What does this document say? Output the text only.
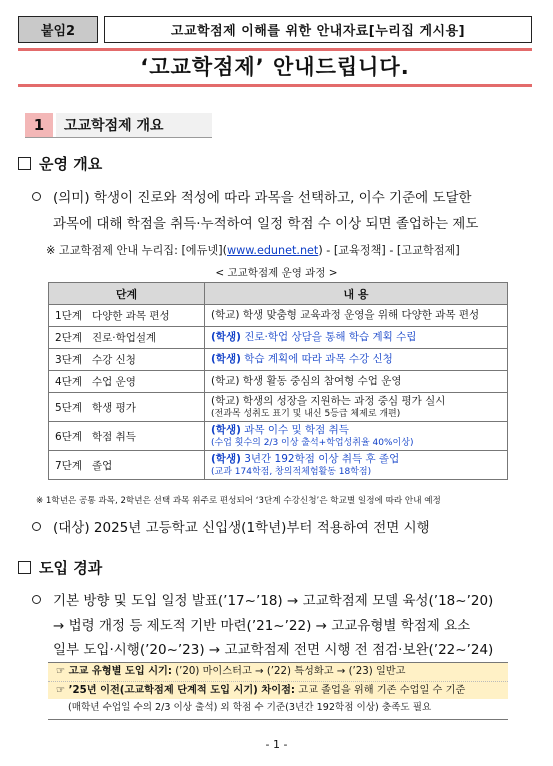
붙임2	고교학점제 이해를 위한 안내자료[누리집 게시용]
‘고교학점제’ 안내드립니다.
1	고교학점제 개요
운영 개요
(의미) 학생이 진로와 적성에 따라 과목을 선택하고, 이수 기준에 도달한
과목에 대해 학점을 취득·누적하여 일정 학점 수 이상 되면 졸업하는 제도
※ 고교학점제 안내 누리집: [에듀넷](www.edunet.net) - [교육정책] - [고교학점제]
< 고교학점제 운영 과정 >
단계	내 용
1단계 다양한 과목 편성	(학교) 학생 맞춤형 교육과정 운영을 위해 다양한 과목 편성

2단계 진로·학업설계	(학생) 진로·학업 상담을 통해 학습 계획 수립

3단계 수강 신청	(학생) 학습 계획에 따라 과목 수강 신청

4단계 수업 운영	(학교) 학생 활동 중심의 참여형 수업 운영

5단계 학생 평가	(학교) 학생의 성장을 지원하는 과정 중심 평가 실시
(전과목 성취도 표기 및 내신 5등급 체제로 개편)

6단계 학점 취득	(학생) 과목 이수 및 학점 취득
(수업 횟수의 2/3 이상 출석+학업성취율 40%이상)

7단계 졸업	(학생) 3년간 192학점 이상 취득 후 졸업
(교과 174학점, 창의적체험활동 18학점)
※ 1학년은 공통 과목, 2학년은 선택 과목 위주로 편성되어 ‘3단계 수강신청’은 학교별 일정에 따라 안내 예정
(대상) 2025년 고등학교 신입생(1학년)부터 적용하여 전면 시행
도입 경과
기본 방향 및 도입 일정 발표(’17~’18) → 고교학점제 모델 육성(’18~’20)
→ 법령 개정 등 제도적 기반 마련(’21~’22) → 고교유형별 학점제 요소
일부 도입·시행(’20~’23) → 고교학점제 전면 시행 전 점검·보완(’22~’24)
☞ 고교 유형별 도입 시기: (’20) 마이스터고 → (’22) 특성화고 → (’23) 일반고
☞ ’25년 이전(고교학점제 단계적 도입 시기) 차이점: 고교 졸업을 위해 기존 수업일 수 기준
(매학년 수업일 수의 2/3 이상 출석) 외 학점 수 기준(3년간 192학점 이상) 충족도 필요
- 1 -
